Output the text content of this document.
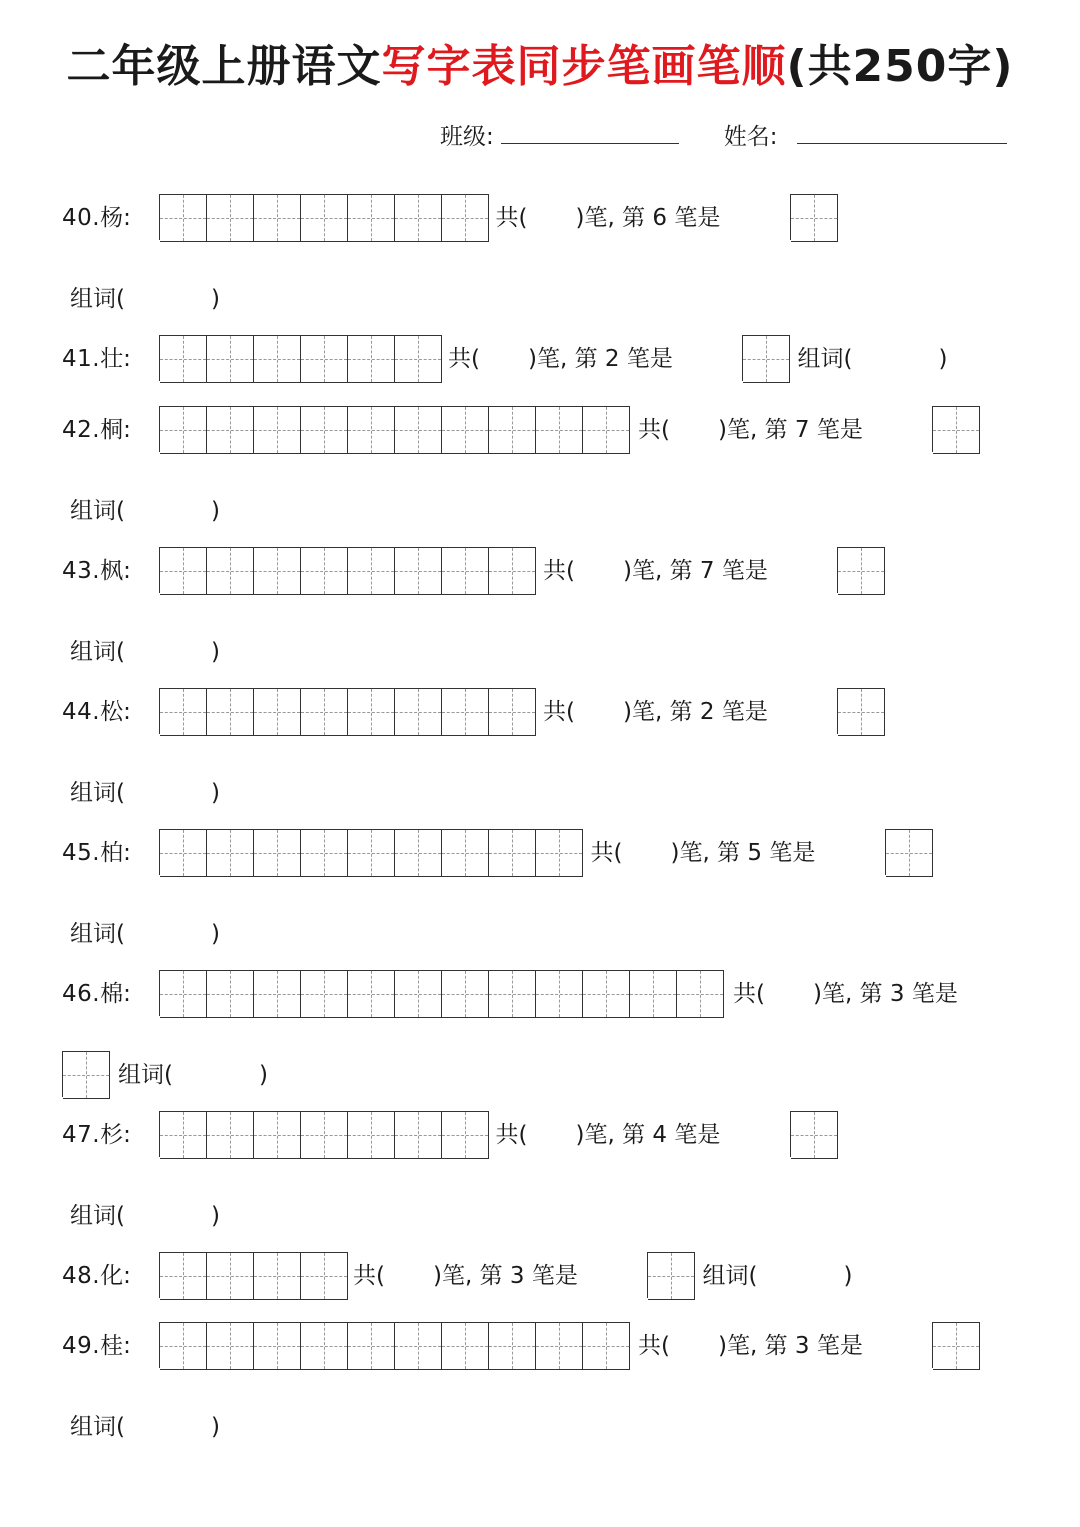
二年级上册语文写字表同步笔画笔顺(共250字)
班级:	姓名:
40.杨:	共( )笔, 第 6 笔是
组词(	)
41.壮:	共( )笔, 第 2 笔是	组词(	)
42.桐:	共( )笔, 第 7 笔是
组词(	)
43.枫:	共( )笔, 第 7 笔是
组词(	)
44.松:	共( )笔, 第 2 笔是
组词(	)
45.柏:	共( )笔, 第 5 笔是
组词(	)
46.棉:	共( )笔, 第 3 笔是
组词(	)
47.杉:	共( )笔, 第 4 笔是
组词(	)
48.化:	共( )笔, 第 3 笔是	组词(	)
49.桂:	共( )笔, 第 3 笔是
组词(	)
